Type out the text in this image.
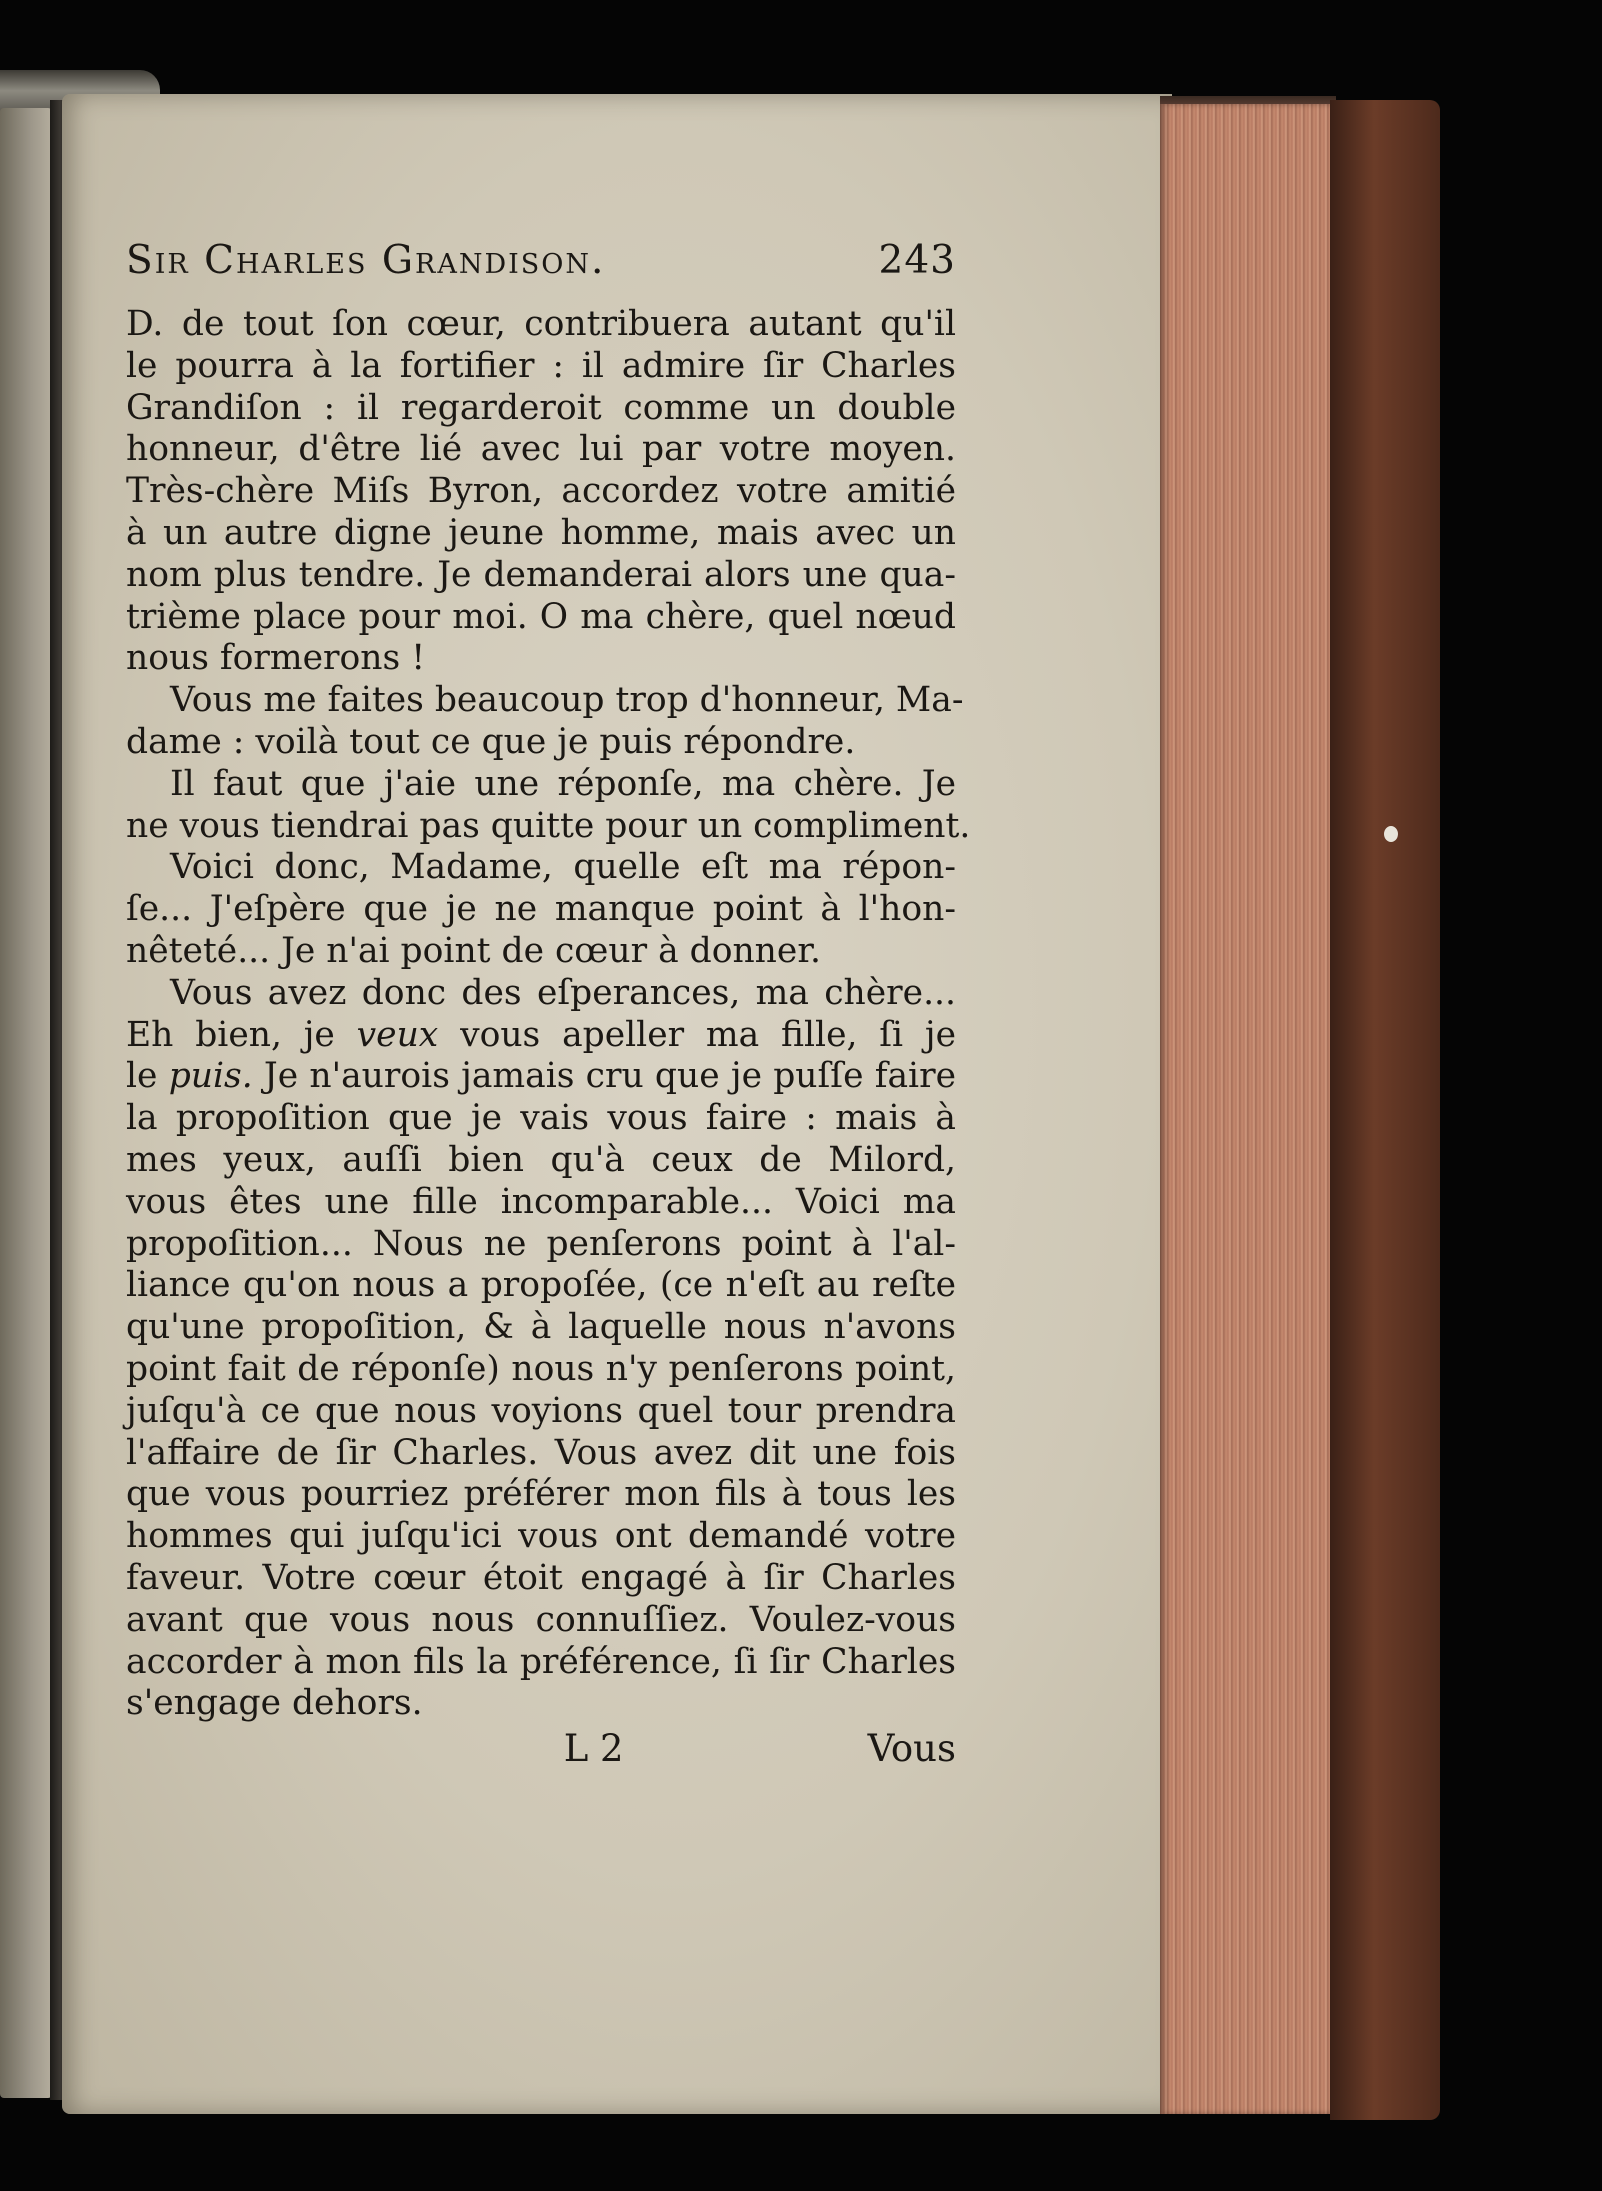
Sir Charles Grandison.	243
D. de tout ſon cœur, contribuera autant qu'il
le pourra à la fortifier : il admire ſir Charles
Grandiſon : il regarderoit comme un double
honneur, d'être lié avec lui par votre moyen.
Très-chère Miſs Byron, accordez votre amitié
à un autre digne jeune homme, mais avec un
nom plus tendre. Je demanderai alors une qua-
trième place pour moi. O ma chère, quel nœud
nous formerons !
Vous me faites beaucoup trop d'honneur, Ma-
dame : voilà tout ce que je puis répondre.
Il faut que j'aie une réponſe, ma chère. Je
ne vous tiendrai pas quitte pour un compliment.
Voici donc, Madame, quelle eſt ma répon-
ſe... J'eſpère que je ne manque point à l'hon-
nêteté... Je n'ai point de cœur à donner.
Vous avez donc des eſperances, ma chère...
Eh bien, je veux vous apeller ma fille, ſi je
le puis. Je n'aurois jamais cru que je puſſe faire
la propoſition que je vais vous faire : mais à
mes yeux, auſſi bien qu'à ceux de Milord,
vous êtes une fille incomparable... Voici ma
propoſition... Nous ne penſerons point à l'al-
liance qu'on nous a propoſée, (ce n'eſt au reſte
qu'une propoſition, & à laquelle nous n'avons
point fait de réponſe) nous n'y penſerons point,
juſqu'à ce que nous voyions quel tour prendra
l'affaire de ſir Charles. Vous avez dit une fois
que vous pourriez préférer mon fils à tous les
hommes qui juſqu'ici vous ont demandé votre
faveur. Votre cœur étoit engagé à ſir Charles
avant que vous nous connuſſiez. Voulez-vous
accorder à mon fils la préférence, ſi ſir Charles
s'engage dehors.
L 2	Vous
